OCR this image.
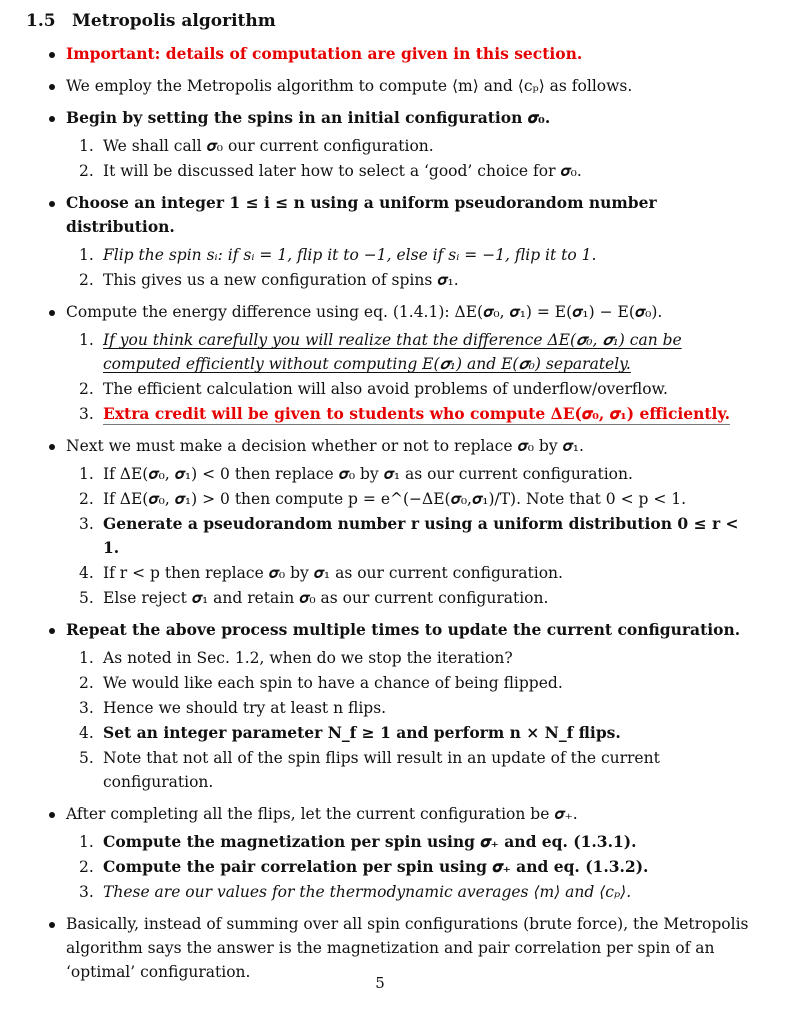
1.5 Metropolis algorithm
Important: details of computation are given in this section.
We employ the Metropolis algorithm to compute ⟨m⟩ and ⟨cₚ⟩ as follows.
Begin by setting the spins in an initial configuration 𝝈₀.
1. We shall call 𝝈₀ our current configuration.
2. It will be discussed later how to select a ‘good’ choice for 𝝈₀.
Choose an integer 1 ≤ i ≤ n using a uniform pseudorandom number distribution.
1. Flip the spin sᵢ: if sᵢ = 1, flip it to −1, else if sᵢ = −1, flip it to 1.
2. This gives us a new configuration of spins 𝝈₁.
Compute the energy difference using eq. (1.4.1): ΔE(𝝈₀, 𝝈₁) = E(𝝈₁) − E(𝝈₀).
1. If you think carefully you will realize that the difference ΔE(𝝈₀, 𝝈₁) can be computed efficiently without computing E(𝝈₁) and E(𝝈₀) separately.
2. The efficient calculation will also avoid problems of underflow/overflow.
3. Extra credit will be given to students who compute ΔE(𝝈₀, 𝝈₁) efficiently.
Next we must make a decision whether or not to replace 𝝈₀ by 𝝈₁.
1. If ΔE(𝝈₀, 𝝈₁) < 0 then replace 𝝈₀ by 𝝈₁ as our current configuration.
2. If ΔE(𝝈₀, 𝝈₁) > 0 then compute p = e^(−ΔE(𝝈₀,𝝈₁)/T). Note that 0 < p < 1.
3. Generate a pseudorandom number r using a uniform distribution 0 ≤ r < 1.
4. If r < p then replace 𝝈₀ by 𝝈₁ as our current configuration.
5. Else reject 𝝈₁ and retain 𝝈₀ as our current configuration.
Repeat the above process multiple times to update the current configuration.
1. As noted in Sec. 1.2, when do we stop the iteration?
2. We would like each spin to have a chance of being flipped.
3. Hence we should try at least n flips.
4. Set an integer parameter N_f ≥ 1 and perform n × N_f flips.
5. Note that not all of the spin flips will result in an update of the current configuration.
After completing all the flips, let the current configuration be 𝝈₊.
1. Compute the magnetization per spin using 𝝈₊ and eq. (1.3.1).
2. Compute the pair correlation per spin using 𝝈₊ and eq. (1.3.2).
3. These are our values for the thermodynamic averages ⟨m⟩ and ⟨cₚ⟩.
Basically, instead of summing over all spin configurations (brute force), the Metropolis algorithm says the answer is the magnetization and pair correlation per spin of an ‘optimal’ configuration.
5
